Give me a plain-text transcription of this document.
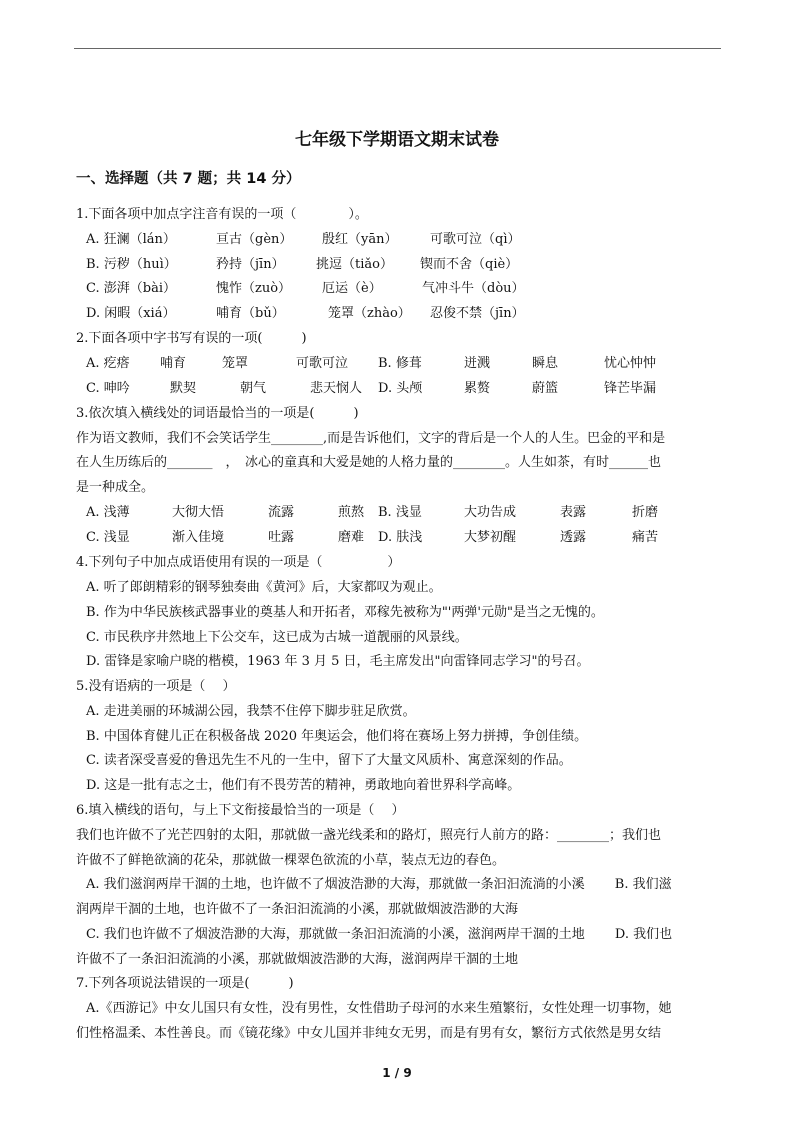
七年级下学期语文期末试卷
一、选择题（共 7 题；共 14 分）
1.下面各项中加点字注音有误的一项（　　　　）。
A. 狂澜（lán）	亘古（gèn） 殷红（yān）	可歌可泣（qì）
B. 污秽（huì）	矜持（jīn） 挑逗（tiǎo） 锲而不舍（qiè）
C. 澎湃（bài）	愧怍（zuò） 厄运（è）	气冲斗牛（dòu）
D. 闲暇（xiá）	哺育（bǔ）	笼罩（zhào） 忍俊不禁（jīn）
2.下面各项中字书写有误的一项(　　　)
A. 疙瘩 哺育	笼罩	可歌可泣 B. 修葺	迸溅	瞬息	忧心忡忡
C. 呻吟	默契	朝气	悲天悯人 D. 头颅	累赘	蔚篮	锋芒毕漏
3.依次填入横线处的词语最恰当的一项是(　　　)
作为语文教师，我们不会笑话学生________,而是告诉他们，文字的背后是一个人的人生。巴金的平和是
在人生历练后的_______　，　冰心的童真和大爱是她的人格力量的________。人生如茶，有时______也
是一种成全。
A. 浅薄	大彻大悟	流露	煎熬 B. 浅显	大功告成	表露	折磨
C. 浅显	渐入佳境	吐露	磨难 D. 肤浅	大梦初醒	透露	痛苦
4.下列句子中加点成语使用有误的一项是（　　　　　）
A. 听了郎朗精彩的钢琴独奏曲《黄河》后，大家都叹为观止。
B. 作为中华民族核武器事业的奠基人和开拓者，邓稼先被称为"'两弹'元勋"是当之无愧的。
C. 市民秩序井然地上下公交车，这已成为古城一道靓丽的风景线。
D. 雷锋是家喻户晓的楷模，1963 年 3 月 5 日，毛主席发出"向雷锋同志学习"的号召。
5.没有语病的一项是（　 ）
A. 走进美丽的环城湖公园，我禁不住停下脚步驻足欣赏。
B. 中国体育健儿正在积极备战 2020 年奥运会，他们将在赛场上努力拼搏，争创佳绩。
C. 读者深受喜爱的鲁迅先生不凡的一生中，留下了大量文风质朴、寓意深刻的作品。
D. 这是一批有志之士，他们有不畏劳苦的精神，勇敢地向着世界科学高峰。
6.填入横线的语句，与上下文衔接最恰当的一项是（　 ）
我们也许做不了光芒四射的太阳，那就做一盏光线柔和的路灯，照亮行人前方的路：________；我们也
许做不了鲜艳欲滴的花朵，那就做一棵翠色欲流的小草，装点无边的春色。
A. 我们滋润两岸干涸的土地，也许做不了烟波浩渺的大海，那就做一条汩汩流淌的小溪　　 B. 我们滋
润两岸干涸的土地，也许做不了一条汩汩流淌的小溪，那就做烟波浩渺的大海
C. 我们也许做不了烟波浩渺的大海，那就做一条汩汩流淌的小溪，滋润两岸干涸的土地　　 D. 我们也
许做不了一条汩汩流淌的小溪，那就做烟波浩渺的大海，滋润两岸干涸的土地
7.下列各项说法错误的一项是(　　　)
A.《西游记》中女儿国只有女性，没有男性，女性借助子母河的水来生殖繁衍，女性处理一切事物，她
们性格温柔、本性善良。而《镜花缘》中女儿国并非纯女无男，而是有男有女，繁衍方式依然是男女结
1 / 9
